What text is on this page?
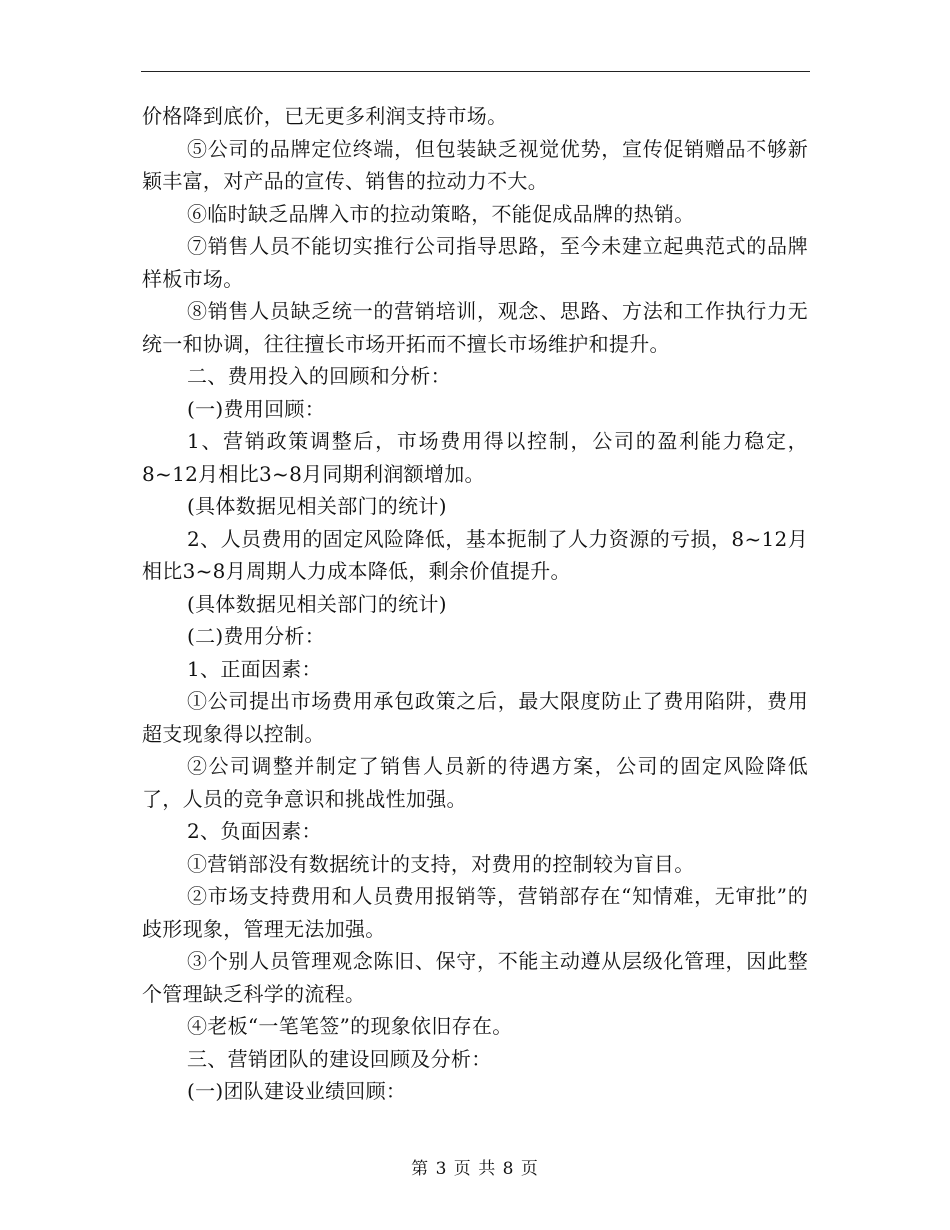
价格降到底价，已无更多利润支持市场。

⑤公司的品牌定位终端，但包装缺乏视觉优势，宣传促销赠品不够新颖丰富，对产品的宣传、销售的拉动力不大。

⑥临时缺乏品牌入市的拉动策略，不能促成品牌的热销。

⑦销售人员不能切实推行公司指导思路，至今未建立起典范式的品牌样板市场。

⑧销售人员缺乏统一的营销培训，观念、思路、方法和工作执行力无统一和协调，往往擅长市场开拓而不擅长市场维护和提升。

二、费用投入的回顾和分析：

(一)费用回顾：

1、营销政策调整后，市场费用得以控制，公司的盈利能力稳定，8~12月相比3~8月同期利润额增加。

(具体数据见相关部门的统计)

2、人员费用的固定风险降低，基本扼制了人力资源的亏损，8~12月相比3~8月周期人力成本降低，剩余价值提升。

(具体数据见相关部门的统计)

(二)费用分析：

1、正面因素：

①公司提出市场费用承包政策之后，最大限度防止了费用陷阱，费用超支现象得以控制。

②公司调整并制定了销售人员新的待遇方案，公司的固定风险降低了，人员的竞争意识和挑战性加强。

2、负面因素：

①营销部没有数据统计的支持，对费用的控制较为盲目。

②市场支持费用和人员费用报销等，营销部存在“知情难，无审批”的歧形现象，管理无法加强。

③个别人员管理观念陈旧、保守，不能主动遵从层级化管理，因此整个管理缺乏科学的流程。

④老板“一笔笔签”的现象依旧存在。

三、营销团队的建设回顾及分析：

(一)团队建设业绩回顾：

第 3 页 共 8 页
